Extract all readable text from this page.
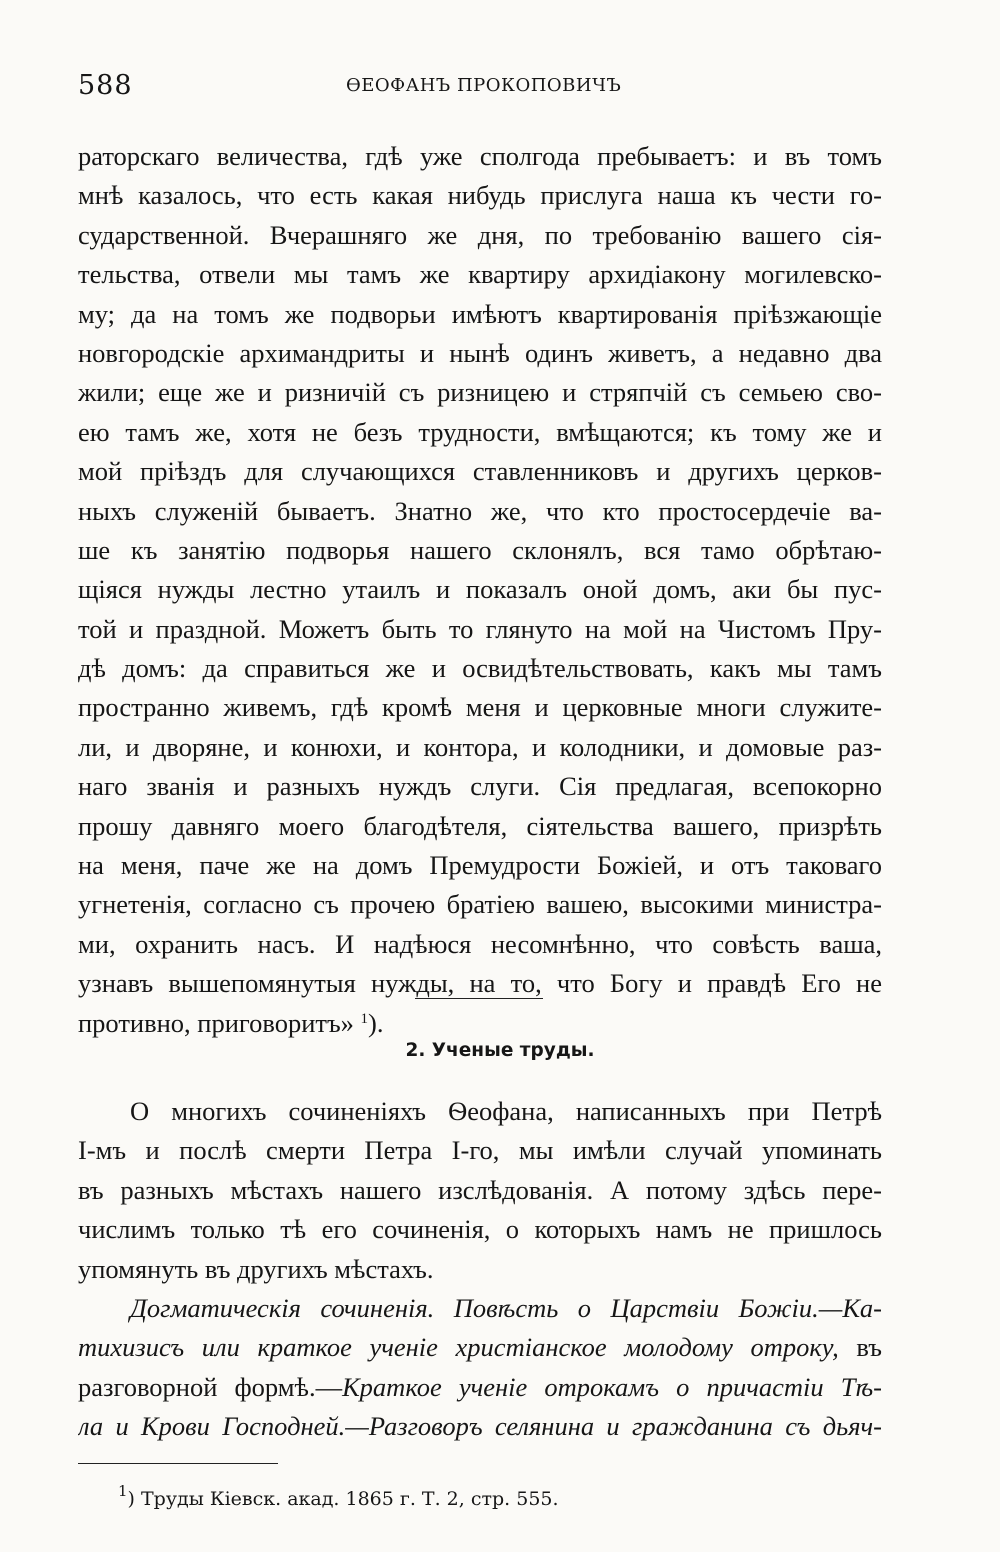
588	ѲЕОФАНЪ ПРОКОПОВИЧЪ
раторскаго величества, гдѣ уже сполгода пребываетъ: и въ томъ
мнѣ казалось, что есть какая нибудь прислуга наша къ чести го-
сударственной. Вчерашняго же дня, по требованію вашего сія-
тельства, отвели мы тамъ же квартиру архидіакону могилевско-
му; да на томъ же подворьи имѣютъ квартированія пріѣзжающіе
новгородскіе архимандриты и нынѣ одинъ живетъ, а недавно два
жили; еще же и ризничій съ ризницею и стряпчій съ семьею сво-
ею тамъ же, хотя не безъ трудности, вмѣщаются; къ тому же и
мой пріѣздъ для случающихся ставленниковъ и другихъ церков-
ныхъ служеній бываетъ. Знатно же, что кто простосердечіе ва-
ше къ занятію подворья нашего склонялъ, вся тамо обрѣтаю-
щіяся нужды лестно утаилъ и показалъ оной домъ, аки бы пус-
той и праздной. Можетъ быть то глянуто на мой на Чистомъ Пру-
дѣ домъ: да справиться же и освидѣтельствовать, какъ мы тамъ
пространно живемъ, гдѣ кромѣ меня и церковные многи служите-
ли, и дворяне, и конюхи, и контора, и колодники, и домовые раз-
наго званія и разныхъ нуждъ слуги. Сія предлагая, всепокорно
прошу давняго моего благодѣтеля, сіятельства вашего, призрѣть
на меня, паче же на домъ Премудрости Божіей, и отъ таковаго
угнетенія, согласно съ прочею братіею вашею, высокими министра-
ми, охранить насъ. И надѣюся несомнѣнно, что совѣсть ваша,
узнавъ вышепомянутыя нужды, на то, что Богу и правдѣ Его не
противно, приговоритъ» $^1$).
2. Ученые труды.
О многихъ сочиненіяхъ Ѳеофана, написанныхъ при Петрѣ
I-мъ и послѣ смерти Петра I-го, мы имѣли случай упоминать
въ разныхъ мѣстахъ нашего изслѣдованія. А потому здѣсь пере-
числимъ только тѣ его сочиненія, о которыхъ намъ не пришлось
упомянуть въ другихъ мѣстахъ.
Догматическія сочиненія. Повѣсть о Царствіи Божіи.—Ка-
тихизисъ или краткое ученіе христіанское молодому отроку, въ
разговорной формѣ.—Краткое ученіе отрокамъ о причастіи Тѣ-
ла и Крови Господней.—Разговоръ селянина и гражданина съ дьяч-
$^1$) Труды Кіевск. акад. 1865 г. Т. 2, стр. 555.
